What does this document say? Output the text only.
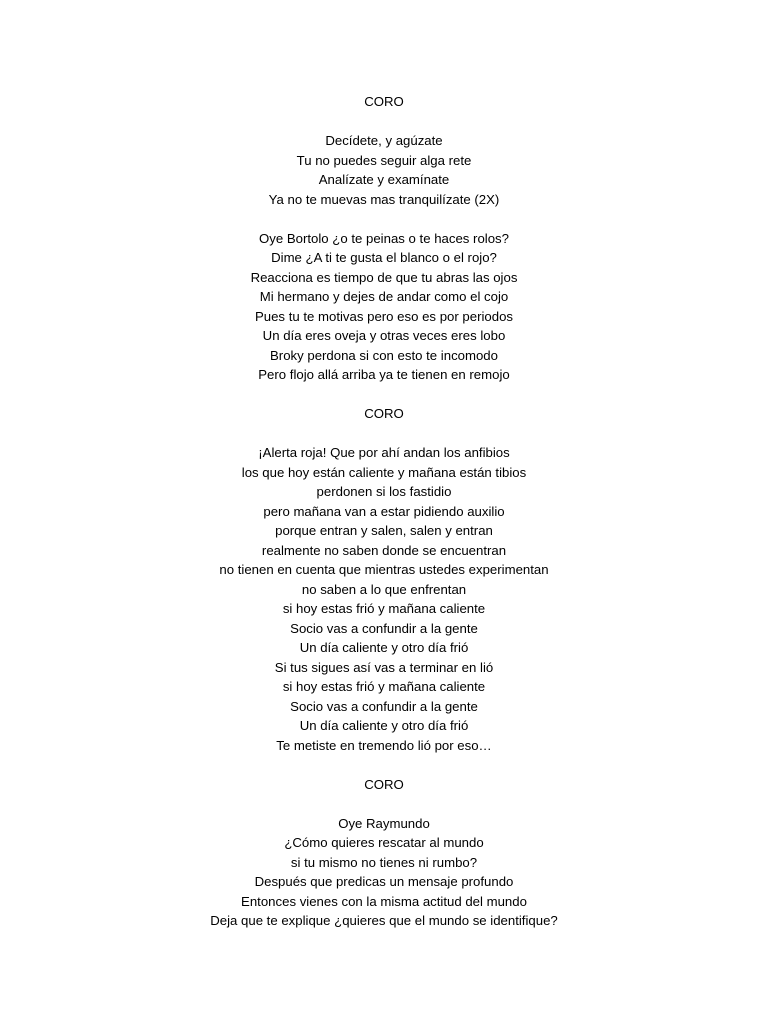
CORO
Decídete, y agúzate
Tu no puedes seguir alga rete
Analízate y examínate
Ya no te muevas mas tranquilízate (2X)
Oye Bortolo ¿o te peinas o te haces rolos?
Dime ¿A ti te gusta el blanco o el rojo?
Reacciona es tiempo de que tu abras las ojos
Mi hermano y dejes de andar como el cojo
Pues tu te motivas pero eso es por periodos
Un día eres oveja y otras veces eres lobo
Broky perdona si con esto te incomodo
Pero flojo allá arriba ya te tienen en remojo
CORO
¡Alerta roja! Que por ahí andan los anfibios
los que hoy están caliente y mañana están tibios
perdonen si los fastidio
pero mañana van a estar pidiendo auxilio
porque entran y salen, salen y entran
realmente no saben donde se encuentran
no tienen en cuenta que mientras ustedes experimentan
no saben a lo que enfrentan
si hoy estas frió y mañana caliente
Socio vas a confundir a la gente
Un día caliente y otro día frió
Si tus sigues así vas a terminar en lió
si hoy estas frió y mañana caliente
Socio vas a confundir a la gente
Un día caliente y otro día frió
Te metiste en tremendo lió por eso…
CORO
Oye Raymundo
¿Cómo quieres rescatar al mundo
si tu mismo no tienes ni rumbo?
Después que predicas un mensaje profundo
Entonces vienes con la misma actitud del mundo
Deja que te explique ¿quieres que el mundo se identifique?
